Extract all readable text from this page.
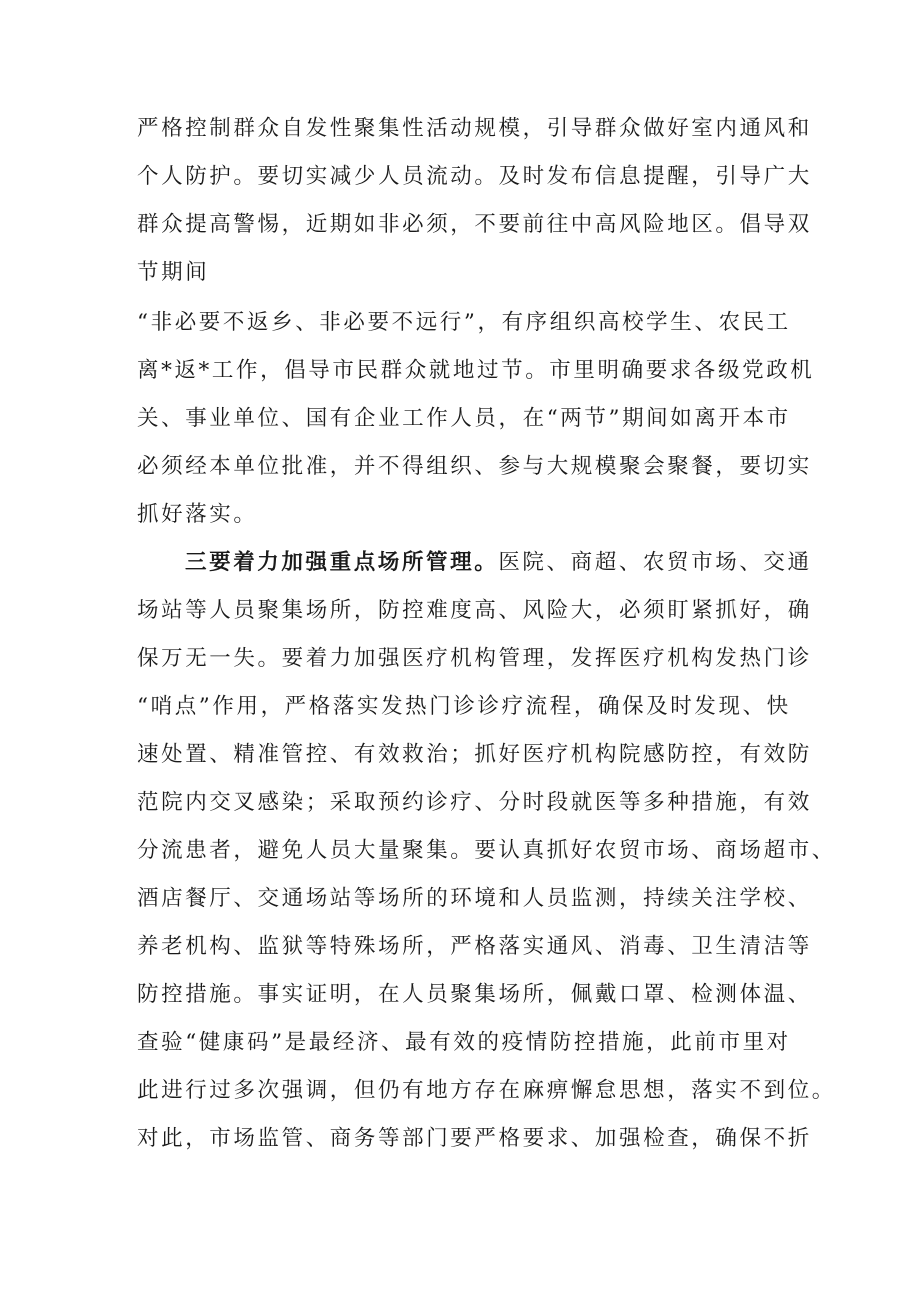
严格控制群众自发性聚集性活动规模，引导群众做好室内通风和
个人防护。要切实减少人员流动。及时发布信息提醒，引导广大
群众提高警惕，近期如非必须，不要前往中高风险地区。倡导双
节期间
“非必要不返乡、非必要不远行”，有序组织高校学生、农民工
离*返*工作，倡导市民群众就地过节。市里明确要求各级党政机
关、事业单位、国有企业工作人员，在“两节”期间如离开本市
必须经本单位批准，并不得组织、参与大规模聚会聚餐，要切实
抓好落实。
三要着力加强重点场所管理。医院、商超、农贸市场、交通
场站等人员聚集场所，防控难度高、风险大，必须盯紧抓好，确
保万无一失。要着力加强医疗机构管理，发挥医疗机构发热门诊
“哨点”作用，严格落实发热门诊诊疗流程，确保及时发现、快
速处置、精准管控、有效救治；抓好医疗机构院感防控，有效防
范院内交叉感染；采取预约诊疗、分时段就医等多种措施，有效
分流患者，避免人员大量聚集。要认真抓好农贸市场、商场超市、
酒店餐厅、交通场站等场所的环境和人员监测，持续关注学校、
养老机构、监狱等特殊场所，严格落实通风、消毒、卫生清洁等
防控措施。事实证明，在人员聚集场所，佩戴口罩、检测体温、
查验“健康码”是最经济、最有效的疫情防控措施，此前市里对
此进行过多次强调，但仍有地方存在麻痹懈怠思想，落实不到位。
对此，市场监管、商务等部门要严格要求、加强检查，确保不折
